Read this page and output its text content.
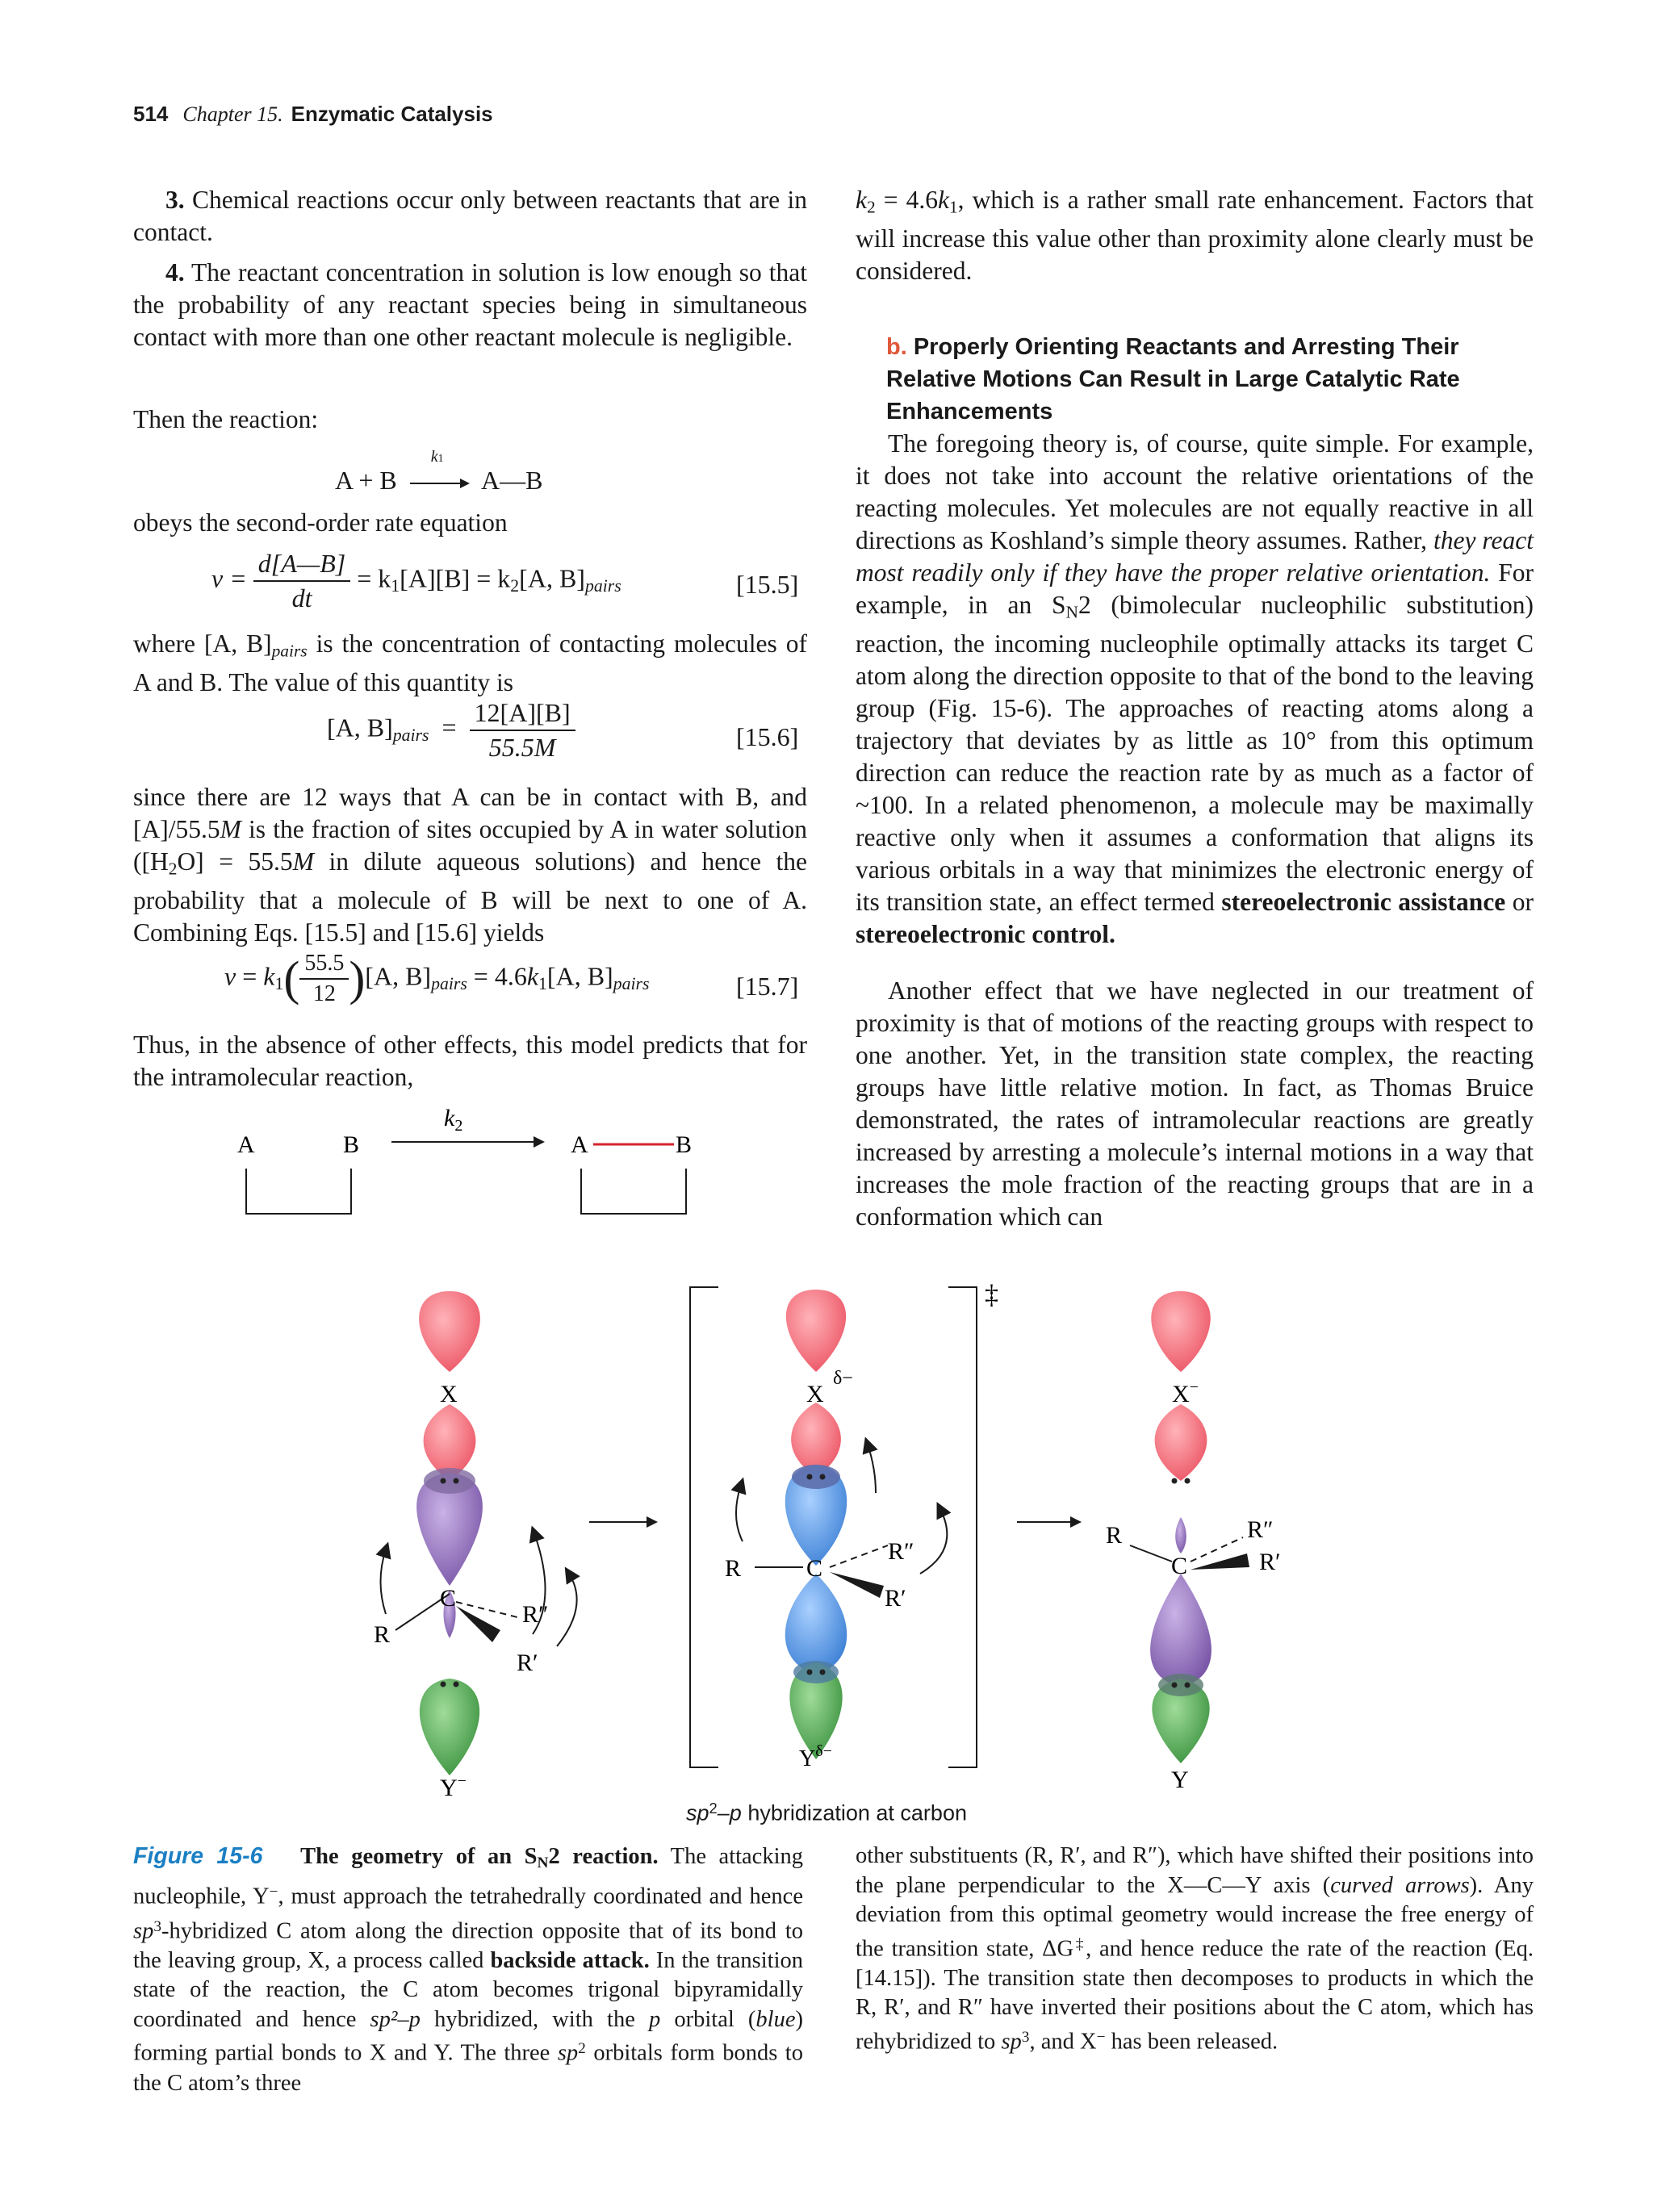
514 Chapter 15. Enzymatic Catalysis

3. Chemical reactions occur only between reactants that are in contact.

4. The reactant concentration in solution is low enough so that the probability of any reactant species being in simultaneous contact with more than one other reactant molecule is negligible.

Then the reaction:

A + B
k1
A—B

obeys the second-order rate equation

$v = \frac{d[A—B]}{dt} = k_1[A][B] = k_2[A$, B]pairs	[15.5]

where [A, B]pairs is the concentration of contacting molecules of A and B. The value of this quantity is

[A, B]pairs = $\frac{12[A][B]}{55.5M}$	[15.6]

since there are 12 ways that A can be in contact with B, and [A]/55.5M is the fraction of sites occupied by A in water solution ($[H_2O] = 55.5M$ in dilute aqueous solutions) and hence the probability that a molecule of B will be next to one of A. Combining Eqs. [15.5] and [15.6] yields

$v = k_1( \frac{55.5}{12} )[A$, B]pairs = $4.6k_1[A$, B]pairs	[15.7]

Thus, in the absence of other effects, this model predicts that for the intramolecular reaction,

A	B
$k_2$
A	B

$k_2 = 4.6k_1$, which is a rather small rate enhancement. Factors that will increase this value other than proximity alone clearly must be considered.

b. Properly Orienting Reactants and Arresting Their Relative Motions Can Result in Large Catalytic Rate Enhancements

The foregoing theory is, of course, quite simple. For example, it does not take into account the relative orientations of the reacting molecules. Yet molecules are not equally reactive in all directions as Koshland’s simple theory assumes. Rather, they react most readily only if they have the proper relative orientation. For example, in an $S_N2$ (bimolecular nucleophilic substitution) reaction, the incoming nucleophile optimally attacks its target C atom along the direction opposite to that of the bond to the leaving group (Fig. 15-6). The approaches of reacting atoms along a trajectory that deviates by as little as 10° from this optimum direction can reduce the reaction rate by as much as a factor of ~100. In a related phenomenon, a molecule may be maximally reactive only when it assumes a conformation that aligns its various orbitals in a way that minimizes the electronic energy of its transition state, an effect termed stereoelectronic assistance or stereoelectronic control.

Another effect that we have neglected in our treatment of proximity is that of motions of the reacting groups with respect to one another. Yet, in the transition state complex, the reacting groups have little relative motion. In fact, as Thomas Bruice demonstrated, the rates of intramolecular reactions are greatly increased by arresting a molecule’s internal motions in a way that increases the mole fraction of the reacting groups that are in a conformation which can

X
C
R
R′
R″
Y−
‡
X
δ−
C
R
R′
R″
$Y^{\delta-}$
X−
C
R
R′
R″
Y
$sp^2-p$ hybridization at carbon

Figure 15-6 The geometry of an $S_N2$ reaction. The attacking nucleophile, Y−, must approach the tetrahedrally coordinated and hence $sp^3$-hybridized C atom along the direction opposite that of its bond to the leaving group, X, a process called backside attack. In the transition state of the reaction, the C atom becomes trigonal bipyramidally coordinated and hence sp²–p hybridized, with the p orbital (blue) forming partial bonds to X and Y. The three $sp^2$ orbitals form bonds to the C atom’s three

other substituents (R, R′, and R″), which have shifted their positions into the plane perpendicular to the X—C—Y axis (curved arrows). Any deviation from this optimal geometry would increase the free energy of the transition state, ΔG‡, and hence reduce the rate of the reaction (Eq. [14.15]). The transition state then decomposes to products in which the R, R′, and R″ have inverted their positions about the C atom, which has rehybridized to $sp^3$, and X− has been released.
